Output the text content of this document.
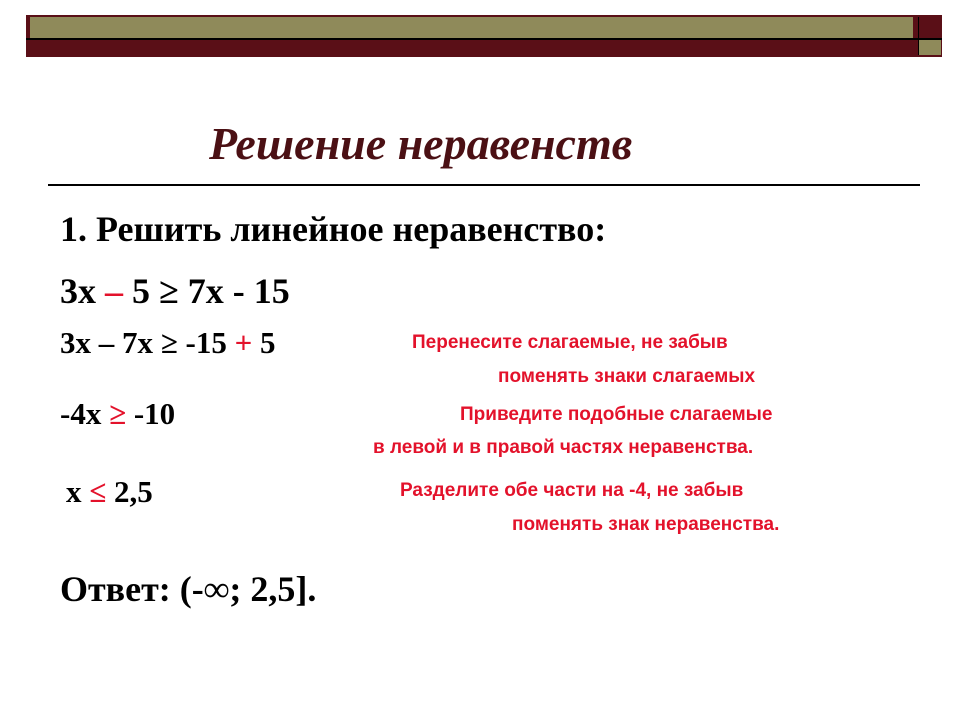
Решение неравенств
1. Решить линейное неравенство:
3х – 5 ≥ 7х - 15
3х – 7х ≥ -15 + 5
-4х ≥ -10
х ≤ 2,5
Перенесите слагаемые, не забыв
поменять знаки слагаемых
Приведите подобные слагаемые
в левой и в правой частях неравенства.
Разделите обе части на -4, не забыв
поменять знак неравенства.
Ответ: (-∞; 2,5].
